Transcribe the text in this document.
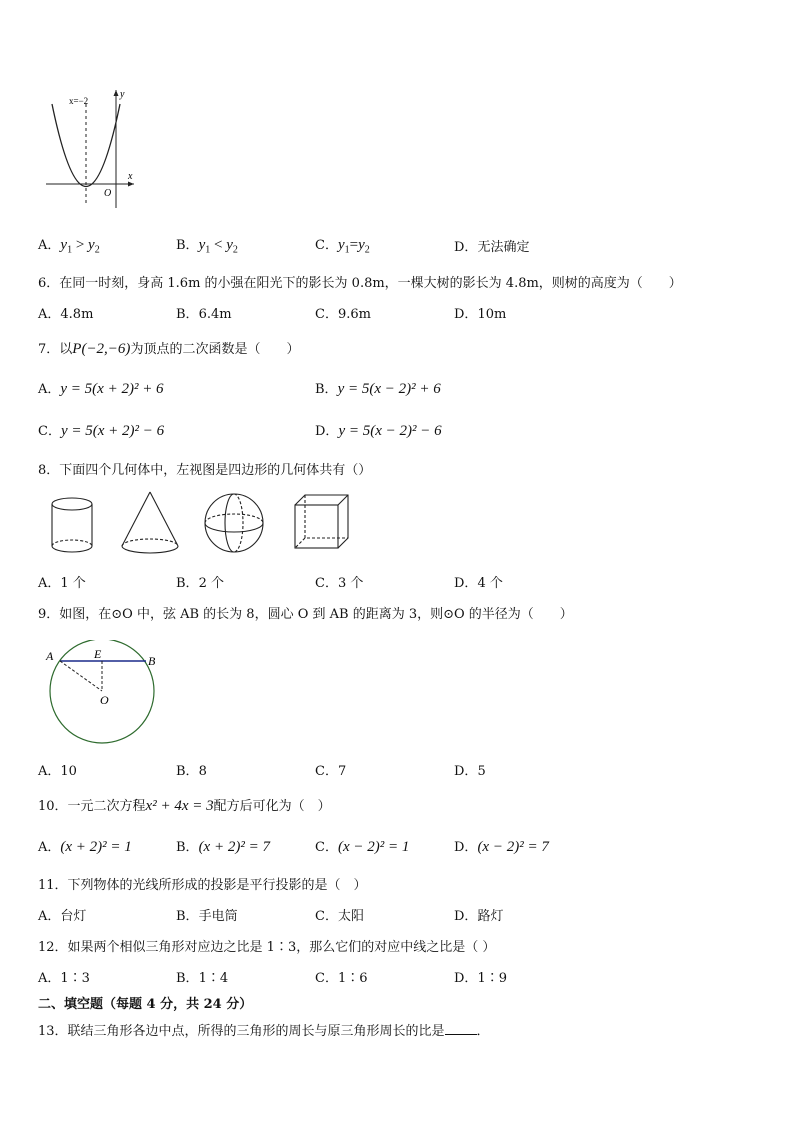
x=−2
y
x
O
A．$y_1 > y_2$	B．$y_1 < y_2$	C．$y_1=y_2$	D．无法确定
6．在同一时刻，身高 1.6m 的小强在阳光下的影长为 0.8m，一棵大树的影长为 4.8m，则树的高度为（　　）
A．4.8m	B．6.4m	C．9.6m	D．10m
7．以P(−2,−6)为顶点的二次函数是（　　）
A．y = 5(x + 2)² + 6	B．y = 5(x − 2)² + 6
C．y = 5(x + 2)² − 6	D．y = 5(x − 2)² − 6
8．下面四个几何体中，左视图是四边形的几何体共有（）
A．1 个	B．2 个	C．3 个	D．4 个
9．如图，在⊙O 中，弦 AB 的长为 8，圆心 O 到 AB 的距离为 3，则⊙O 的半径为（　　）
A	E	B
O
A．10	B．8	C．7	D．5
10．一元二次方程x² + 4x = 3配方后可化为（　）
A．(x + 2)² = 1	B．(x + 2)² = 7	C．(x − 2)² = 1	D．(x − 2)² = 7
11．下列物体的光线所形成的投影是平行投影的是（　）
A．台灯	B．手电筒	C．太阳	D．路灯
12．如果两个相似三角形对应边之比是 1∶3，那么它们的对应中线之比是（ ）
A．1∶3	B．1∶4	C．1∶6	D．1∶9
二、填空题（每题 4 分，共 24 分）
13．联结三角形各边中点，所得的三角形的周长与原三角形周长的比是 ．
